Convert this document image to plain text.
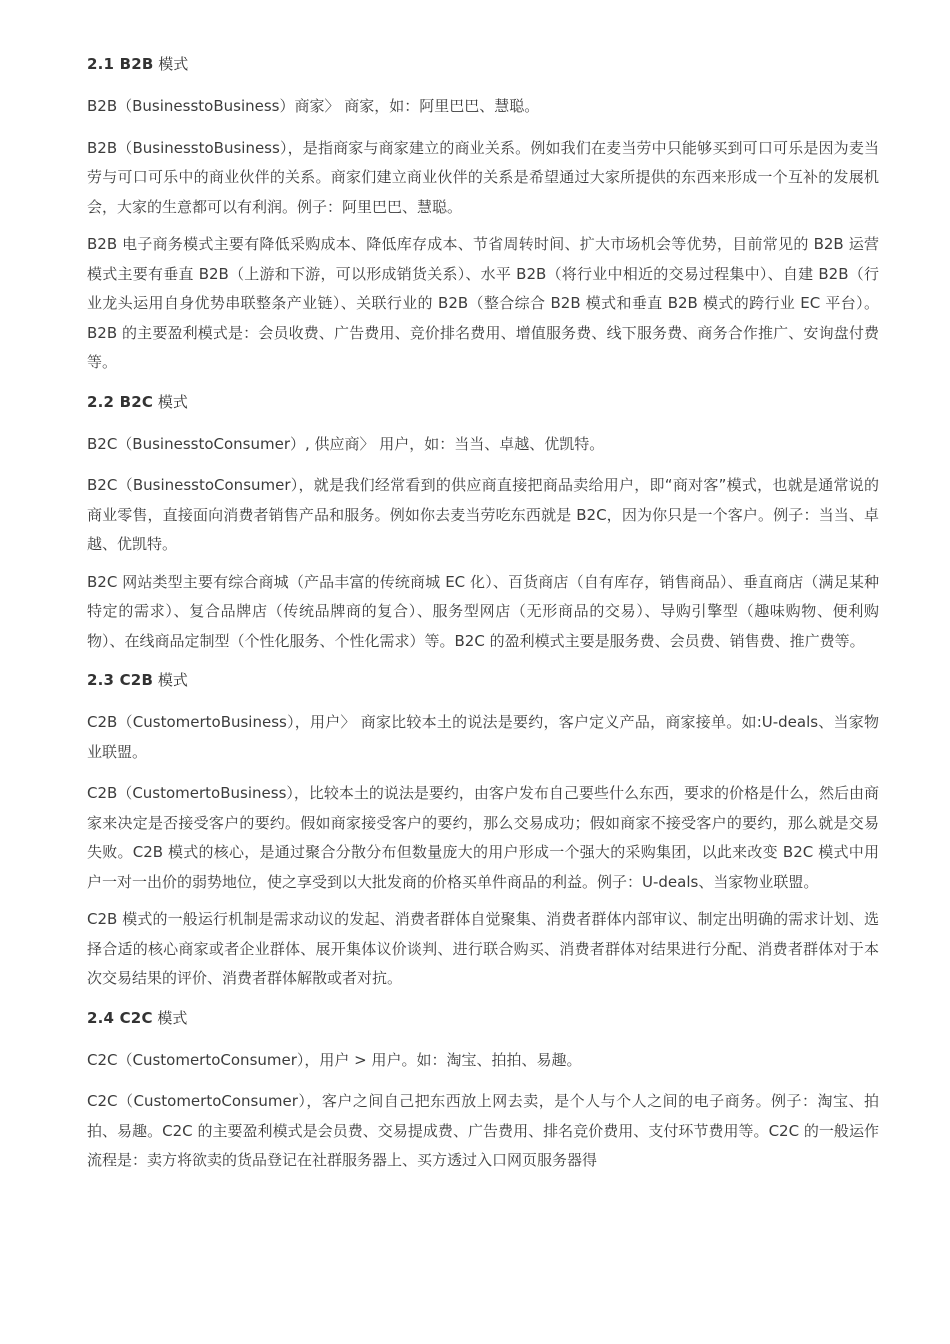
2.1 B2B 模式

B2B（BusinesstoBusiness）商家〉 商家，如：阿里巴巴、慧聪。

B2B（BusinesstoBusiness），是指商家与商家建立的商业关系。例如我们在麦当劳中只能够买到可口可乐是因为麦当劳与可口可乐中的商业伙伴的关系。商家们建立商业伙伴的关系是希望通过大家所提供的东西来形成一个互补的发展机会，大家的生意都可以有利润。例子：阿里巴巴、慧聪。

B2B 电子商务模式主要有降低采购成本、降低库存成本、节省周转时间、扩大市场机会等优势，目前常见的 B2B 运营模式主要有垂直 B2B（上游和下游，可以形成销货关系）、水平 B2B（将行业中相近的交易过程集中）、自建 B2B（行业龙头运用自身优势串联整条产业链）、关联行业的 B2B（整合综合 B2B 模式和垂直 B2B 模式的跨行业 EC 平台）。B2B 的主要盈利模式是：会员收费、广告费用、竞价排名费用、增值服务费、线下服务费、商务合作推广、安询盘付费等。

2.2 B2C 模式

B2C（BusinesstoConsumer）, 供应商〉 用户，如：当当、卓越、优凯特。

B2C（BusinesstoConsumer），就是我们经常看到的供应商直接把商品卖给用户，即“商对客”模式，也就是通常说的商业零售，直接面向消费者销售产品和服务。例如你去麦当劳吃东西就是 B2C，因为你只是一个客户。例子：当当、卓越、优凯特。

B2C 网站类型主要有综合商城（产品丰富的传统商城 EC 化）、百货商店（自有库存，销售商品）、垂直商店（满足某种特定的需求）、复合品牌店（传统品牌商的复合）、服务型网店（无形商品的交易）、导购引擎型（趣味购物、便利购物）、在线商品定制型（个性化服务、个性化需求）等。B2C 的盈利模式主要是服务费、会员费、销售费、推广费等。

2.3 C2B 模式

C2B（CustomertoBusiness），用户〉 商家比较本土的说法是要约，客户定义产品，商家接单。如:U-deals、当家物业联盟。

C2B（CustomertoBusiness），比较本土的说法是要约，由客户发布自己要些什么东西，要求的价格是什么，然后由商家来决定是否接受客户的要约。假如商家接受客户的要约，那么交易成功；假如商家不接受客户的要约，那么就是交易失败。C2B 模式的核心，是通过聚合分散分布但数量庞大的用户形成一个强大的采购集团，以此来改变 B2C 模式中用户一对一出价的弱势地位，使之享受到以大批发商的价格买单件商品的利益。例子：U-deals、当家物业联盟。

C2B 模式的一般运行机制是需求动议的发起、消费者群体自觉聚集、消费者群体内部审议、制定出明确的需求计划、选择合适的核心商家或者企业群体、展开集体议价谈判、进行联合购买、消费者群体对结果进行分配、消费者群体对于本次交易结果的评价、消费者群体解散或者对抗。

2.4 C2C 模式

C2C（CustomertoConsumer），用户 > 用户。如：淘宝、拍拍、易趣。

C2C（CustomertoConsumer），客户之间自己把东西放上网去卖，是个人与个人之间的电子商务。例子：淘宝、拍拍、易趣。C2C 的主要盈利模式是会员费、交易提成费、广告费用、排名竞价费用、支付环节费用等。C2C 的一般运作流程是：卖方将欲卖的货品登记在社群服务器上、买方透过入口网页服务器得
